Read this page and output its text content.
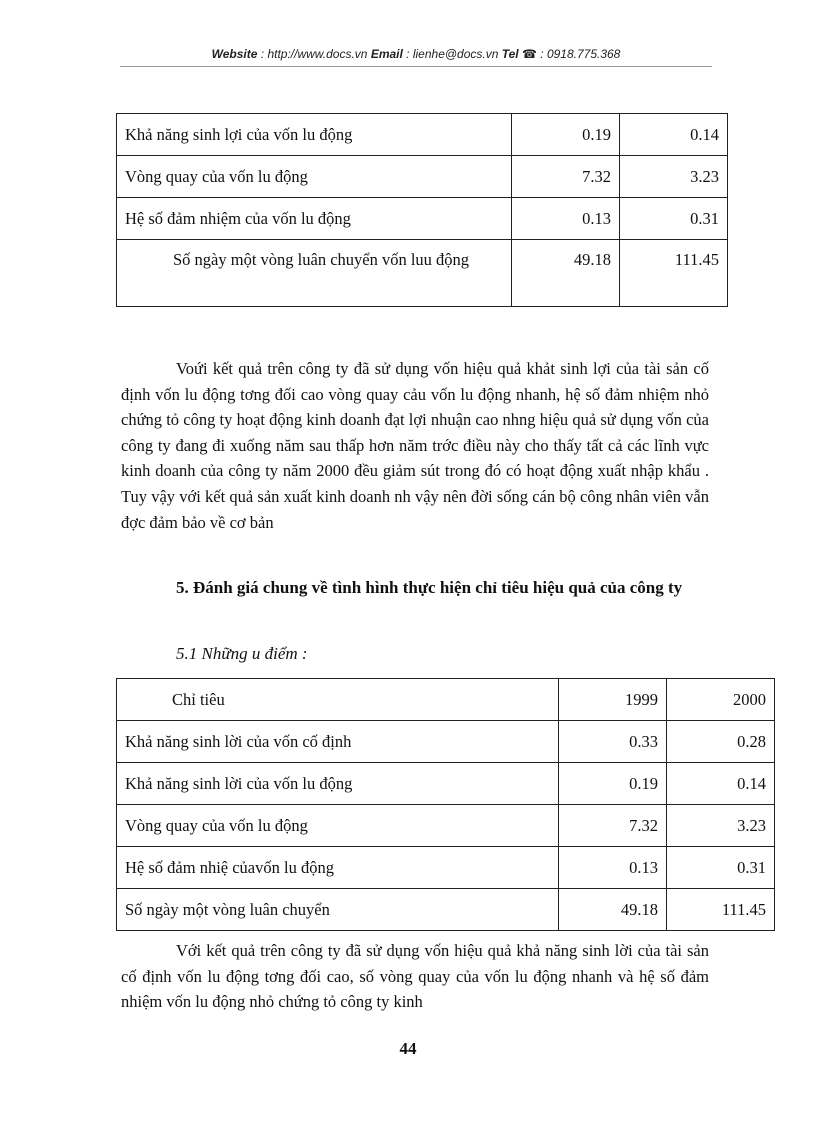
Website : http://www.docs.vn Email : lienhe@docs.vn Tel ☎ : 0918.775.368
Khả năng sinh lợi của vốn lu động	0.19	0.14
Vòng quay của vốn lu động	7.32	3.23
Hệ số đảm nhiệm của vốn lu động	0.13	0.31
Số ngày một vòng luân chuyển vốn luu động	49.18	111.45

Voứi kết quả trên công ty đã sử dụng vốn hiệu quả khảt sinh lợi của tài sản cố định vốn lu động tơng đối cao vòng quay cảu vốn lu động nhanh, hệ số đảm nhiệm nhỏ chứng tỏ công ty hoạt động kinh doanh đạt lợi nhuận cao nhng hiệu quả sử dụng vốn của công ty đang đi xuống năm sau thấp hơn năm trớc điều này cho thấy tất cả các lĩnh vực kinh doanh của công ty năm 2000 đều giảm sút trong đó có hoạt động xuất nhập khẩu . Tuy vậy với kết quả sản xuất kinh doanh nh vậy nên đời sống cán bộ công nhân viên vẫn đợc đảm bảo về cơ bản

5. Đánh giá chung về tình hình thực hiện chỉ tiêu hiệu quả của công ty

5.1 Những u điểm :

Chỉ tiêu	1999	2000
Khả năng sinh lời của vốn cố định	0.33	0.28
Khả năng sinh lời của vốn lu động	0.19	0.14
Vòng quay của vốn lu động	7.32	3.23
Hệ số đảm nhiệ củavốn lu động	0.13	0.31
Số ngày một vòng luân chuyển	49.18	111.45

Với kết quả trên công ty đã sử dụng vốn hiệu quả khả năng sinh lời của tài sản cố định vốn lu động tơng đối cao, số vòng quay của vốn lu động nhanh và hệ số đảm nhiệm vốn lu động nhỏ chứng tỏ công ty kinh

44
